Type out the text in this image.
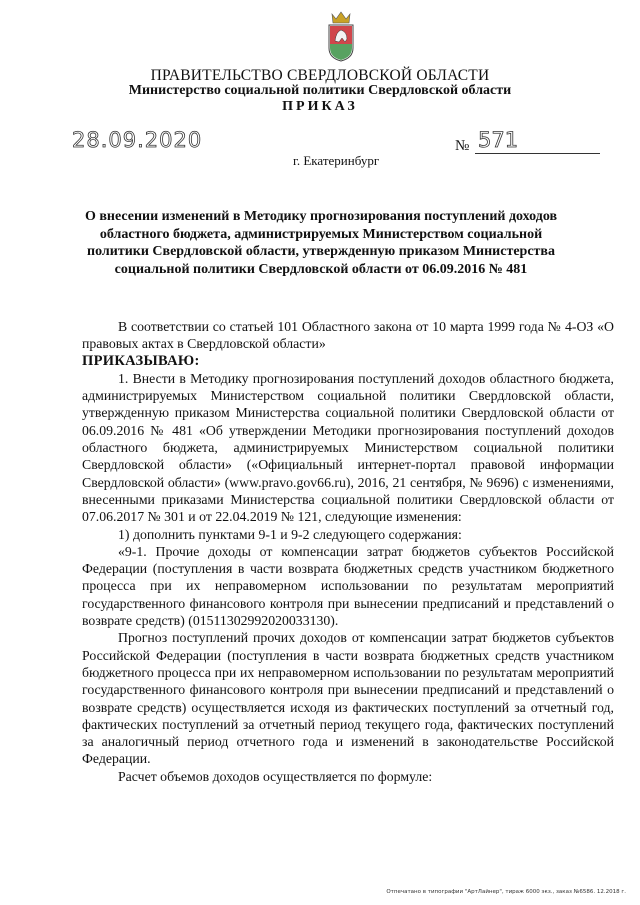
ПРАВИТЕЛЬСТВО СВЕРДЛОВСКОЙ ОБЛАСТИ
Министерство социальной политики Свердловской области
ПРИКАЗ
28.09.2020	№ 571
г. Екатеринбург
О внесении изменений в Методику прогнозирования поступлений доходов областного бюджета, администрируемых Министерством социальной политики Свердловской области, утвержденную приказом Министерства социальной политики Свердловской области от 06.09.2016 № 481

В соответствии со статьей 101 Областного закона от 10 марта 1999 года № 4-ОЗ «О правовых актах в Свердловской области»

ПРИКАЗЫВАЮ:

1. Внести в Методику прогнозирования поступлений доходов областного бюджета, администрируемых Министерством социальной политики Свердловской области, утвержденную приказом Министерства социальной политики Свердловской области от 06.09.2016 № 481 «Об утверждении Методики прогнозирования поступлений доходов областного бюджета, администрируемых Министерством социальной политики Свердловской области» («Официальный интернет-портал правовой информации Свердловской области» (www.pravo.gov66.ru), 2016, 21 сентября, № 9696) с изменениями, внесенными приказами Министерства социальной политики Свердловской области от 07.06.2017 № 301 и от 22.04.2019 № 121, следующие изменения:

1) дополнить пунктами 9-1 и 9-2 следующего содержания:

«9-1. Прочие доходы от компенсации затрат бюджетов субъектов Российской Федерации (поступления в части возврата бюджетных средств участником бюджетного процесса при их неправомерном использовании по результатам мероприятий государственного финансового контроля при вынесении предписаний и представлений о возврате средств) (01511302992020033130).

Прогноз поступлений прочих доходов от компенсации затрат бюджетов субъектов Российской Федерации (поступления в части возврата бюджетных средств участником бюджетного процесса при их неправомерном использовании по результатам мероприятий государственного финансового контроля при вынесении предписаний и представлений о возврате средств) осуществляется исходя из фактических поступлений за отчетный год, фактических поступлений за отчетный период текущего года, фактических поступлений за аналогичный период отчетного года и изменений в законодательстве Российской Федерации.

Расчет объемов доходов осуществляется по формуле:

Отпечатано в типографии "АртЛайнер", тираж 6000 экз., заказ №6586. 12.2018 г.
